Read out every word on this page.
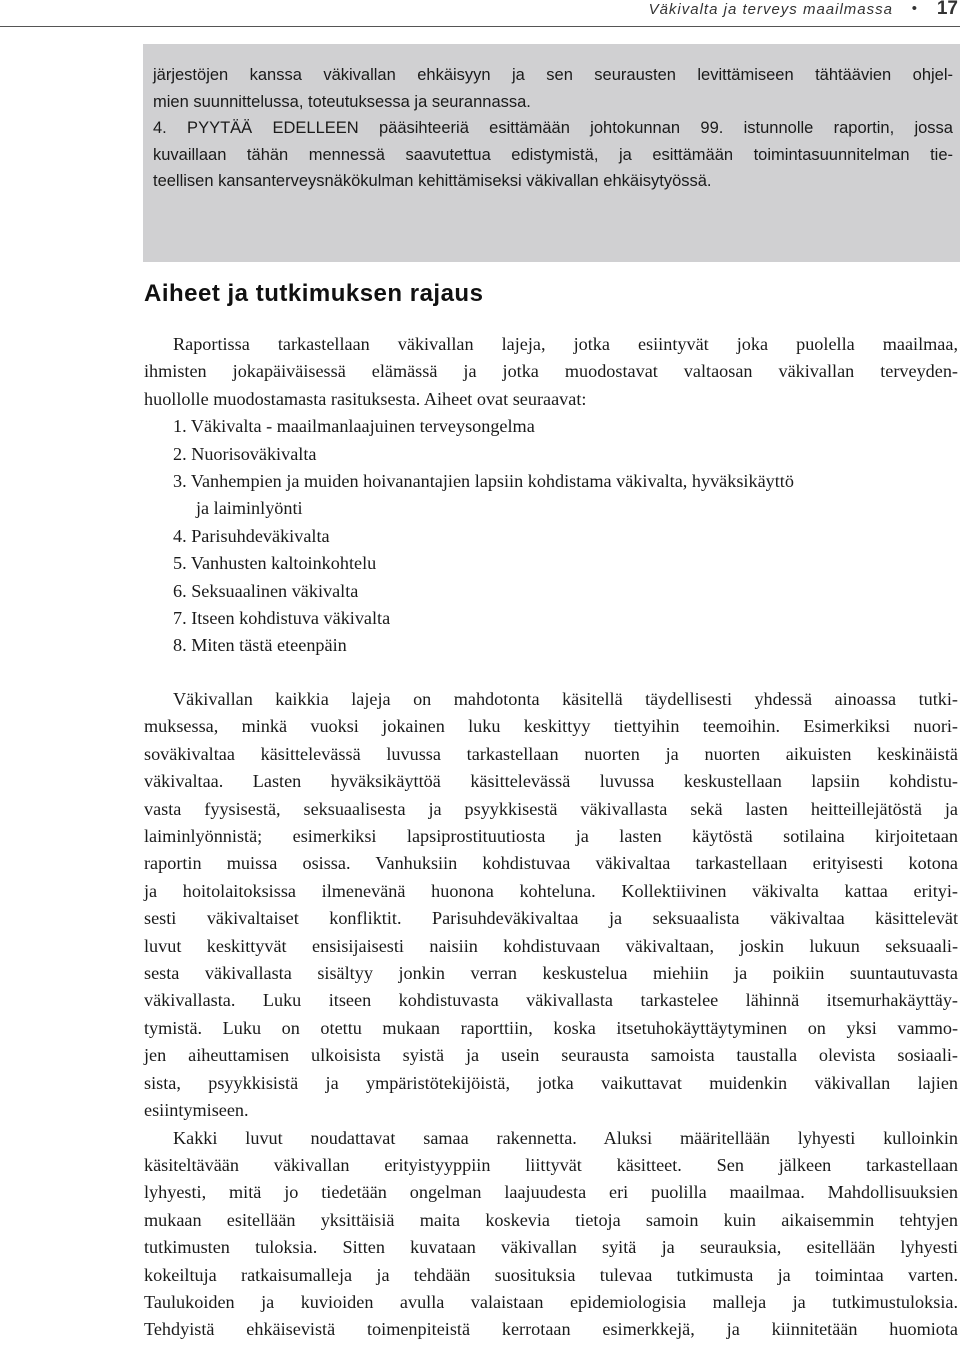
Väkivalta ja terveys maailmassa • 17
järjestöjen kanssa väkivallan ehkäisyyn ja sen seurausten levittämiseen tähtäävien ohjel-
mien suunnittelussa, toteutuksessa ja seurannassa.
4. PYYTÄÄ EDELLEEN pääsihteeriä esittämään johtokunnan 99. istunnolle raportin, jossa
kuvaillaan tähän mennessä saavutettua edistymistä, ja esittämään toimintasuunnitelman tie-
teellisen kansanterveysnäkökulman kehittämiseksi väkivallan ehkäisytyössä.
Aiheet ja tutkimuksen rajaus
Raportissa tarkastellaan väkivallan lajeja, jotka esiintyvät joka puolella maailmaa,
ihmisten jokapäiväisessä elämässä ja jotka muodostavat valtaosan väkivallan terveyden-
huollolle muodostamasta rasituksesta. Aiheet ovat seuraavat:
1. Väkivalta - maailmanlaajuinen terveysongelma
2. Nuorisoväkivalta
3. Vanhempien ja muiden hoivanantajien lapsiin kohdistama väkivalta, hyväksikäyttö
ja laiminlyönti
4. Parisuhdeväkivalta
5. Vanhusten kaltoinkohtelu
6. Seksuaalinen väkivalta
7. Itseen kohdistuva väkivalta
8. Miten tästä eteenpäin
Väkivallan kaikkia lajeja on mahdotonta käsitellä täydellisesti yhdessä ainoassa tutki-
muksessa, minkä vuoksi jokainen luku keskittyy tiettyihin teemoihin. Esimerkiksi nuori-
soväkivaltaa käsittelevässä luvussa tarkastellaan nuorten ja nuorten aikuisten keskinäistä
väkivaltaa. Lasten hyväksikäyttöä käsittelevässä luvussa keskustellaan lapsiin kohdistu-
vasta fyysisestä, seksuaalisesta ja psyykkisestä väkivallasta sekä lasten heitteillejätöstä ja
laiminlyönnistä; esimerkiksi lapsiprostituutiosta ja lasten käytöstä sotilaina kirjoitetaan
raportin muissa osissa. Vanhuksiin kohdistuvaa väkivaltaa tarkastellaan erityisesti kotona
ja hoitolaitoksissa ilmenevänä huonona kohteluna. Kollektiivinen väkivalta kattaa erityi-
sesti väkivaltaiset konfliktit. Parisuhdeväkivaltaa ja seksuaalista väkivaltaa käsittelevät
luvut keskittyvät ensisijaisesti naisiin kohdistuvaan väkivaltaan, joskin lukuun seksuaali-
sesta väkivallasta sisältyy jonkin verran keskustelua miehiin ja poikiin suuntautuvasta
väkivallasta. Luku itseen kohdistuvasta väkivallasta tarkastelee lähinnä itsemurhakäyttäy-
tymistä. Luku on otettu mukaan raporttiin, koska itsetuhokäyttäytyminen on yksi vammo-
jen aiheuttamisen ulkoisista syistä ja usein seurausta samoista taustalla olevista sosiaali-
sista, psyykkisistä ja ympäristötekijöistä, jotka vaikuttavat muidenkin väkivallan lajien
esiintymiseen.
Kakki luvut noudattavat samaa rakennetta. Aluksi määritellään lyhyesti kulloinkin
käsiteltävään väkivallan erityistyyppiin liittyvät käsitteet. Sen jälkeen tarkastellaan
lyhyesti, mitä jo tiedetään ongelman laajuudesta eri puolilla maailmaa. Mahdollisuuksien
mukaan esitellään yksittäisiä maita koskevia tietoja samoin kuin aikaisemmin tehtyjen
tutkimusten tuloksia. Sitten kuvataan väkivallan syitä ja seurauksia, esitellään lyhyesti
kokeiltuja ratkaisumalleja ja tehdään suosituksia tulevaa tutkimusta ja toimintaa varten.
Taulukoiden ja kuvioiden avulla valaistaan epidemiologisia malleja ja tutkimustuloksia.
Tehdyistä ehkäisevistä toimenpiteistä kerrotaan esimerkkejä, ja kiinnitetään huomiota
